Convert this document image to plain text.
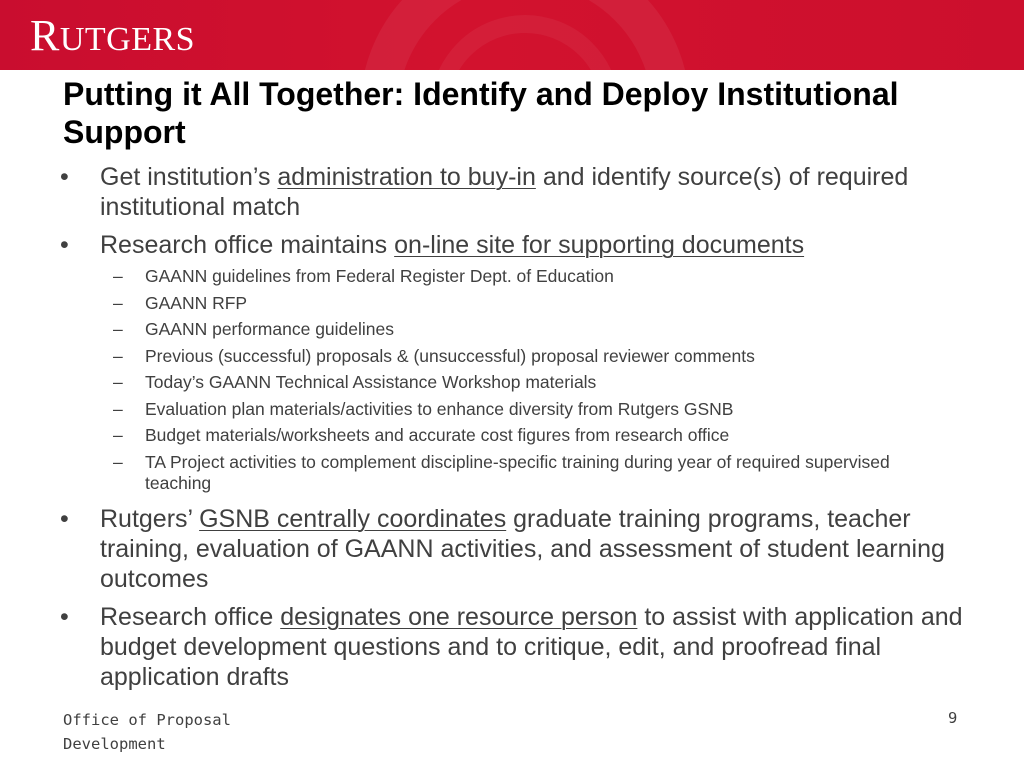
RUTGERS
Putting it All Together: Identify and Deploy Institutional Support
• Get institution’s administration to buy-in and identify source(s) of required institutional match
• Research office maintains on-line site for supporting documents
– GAANN guidelines from Federal Register Dept. of Education
– GAANN RFP
– GAANN performance guidelines
– Previous (successful) proposals & (unsuccessful) proposal reviewer comments
– Today’s GAANN Technical Assistance Workshop materials
– Evaluation plan materials/activities to enhance diversity from Rutgers GSNB
– Budget materials/worksheets and accurate cost figures from research office
– TA Project activities to complement discipline-specific training during year of required supervised teaching
• Rutgers’ GSNB centrally coordinates graduate training programs, teacher training, evaluation of GAANN activities, and assessment of student learning outcomes
• Research office designates one resource person to assist with application and budget development questions and to critique, edit, and proofread final application drafts
Office of Proposal Development
9
